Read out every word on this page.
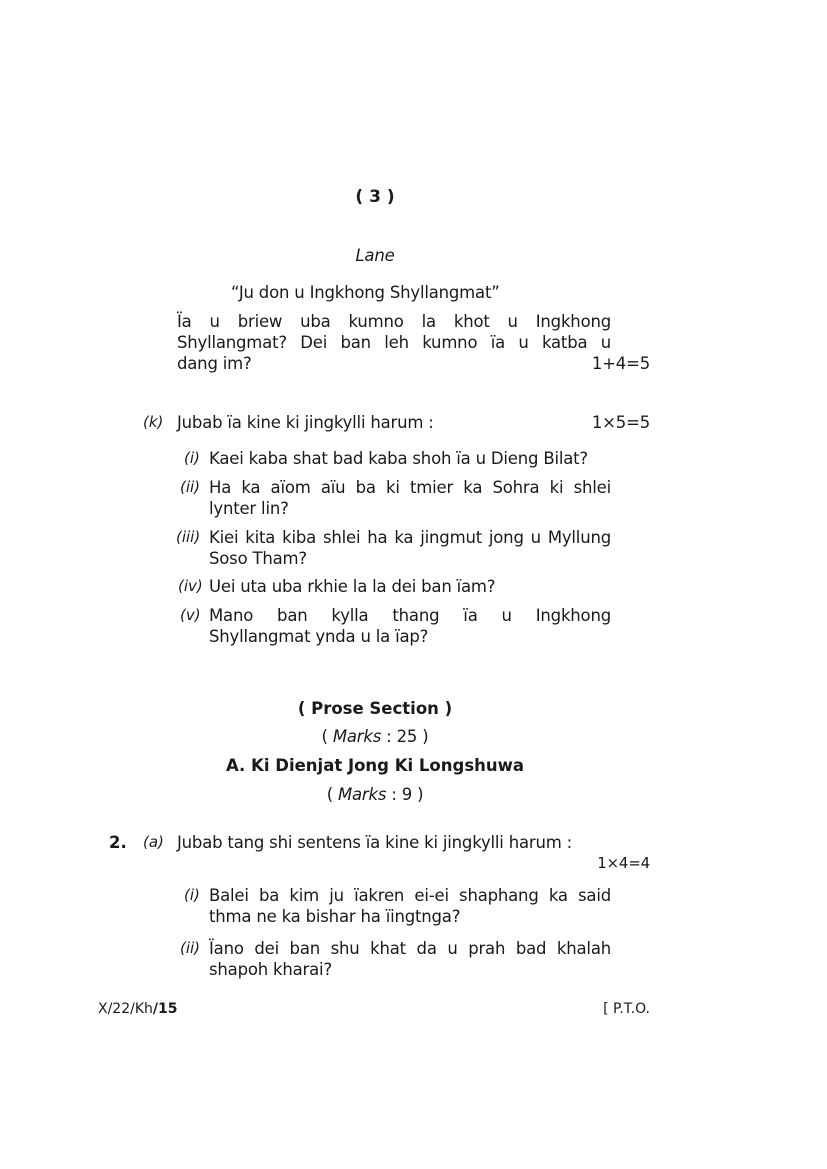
( 3 )
Lane
“Ju don u Ingkhong Shyllangmat”
Ïa u briew uba kumno la khot u Ingkhong
Shyllangmat? Dei ban leh kumno ïa u katba u
dang im?	1+4=5
(k) Jubab ïa kine ki jingkylli harum :	1×5=5
(i) Kaei kaba shat bad kaba shoh ïa u Dieng Bilat?
(ii) Ha ka aïom aïu ba ki tmier ka Sohra ki shlei
lynter lin?
(iii) Kiei kita kiba shlei ha ka jingmut jong u Myllung
Soso Tham?
(iv) Uei uta uba rkhie la la dei ban ïam?
(v) Mano ban kylla thang ïa u Ingkhong
Shyllangmat ynda u la ïap?
( Prose Section )
( Marks : 25 )
A. Ki Dienjat Jong Ki Longshuwa
( Marks : 9 )
2. (a) Jubab tang shi sentens ïa kine ki jingkylli harum :
1×4=4
(i) Balei ba kim ju ïakren ei-ei shaphang ka said
thma ne ka bishar ha ïingtnga?
(ii) Ïano dei ban shu khat da u prah bad khalah
shapoh kharai?
X/22/Kh/15	[ P.T.O.
